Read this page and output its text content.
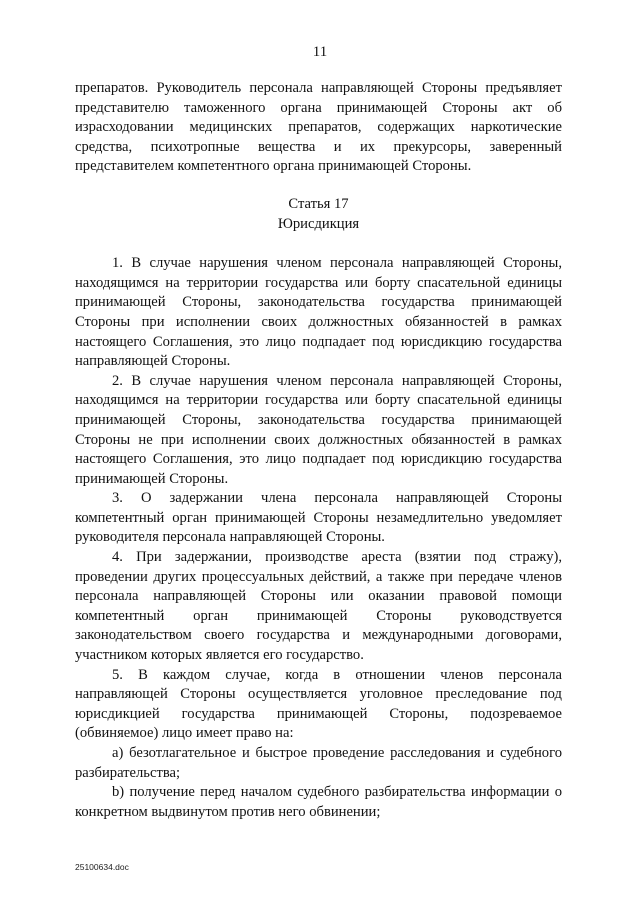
11

препаратов. Руководитель персонала направляющей Стороны предъявляет представителю таможенного органа принимающей Стороны акт об израсходовании медицинских препаратов, содержащих наркотические средства, психотропные вещества и их прекурсоры, заверенный представителем компетентного органа принимающей Стороны.

Статья 17
Юрисдикция

1. В случае нарушения членом персонала направляющей Стороны, находящимся на территории государства или борту спасательной единицы принимающей Стороны, законодательства государства принимающей Стороны при исполнении своих должностных обязанностей в рамках настоящего Соглашения, это лицо подпадает под юрисдикцию государства направляющей Стороны.

2. В случае нарушения членом персонала направляющей Стороны, находящимся на территории государства или борту спасательной единицы принимающей Стороны, законодательства государства принимающей Стороны не при исполнении своих должностных обязанностей в рамках настоящего Соглашения, это лицо подпадает под юрисдикцию государства принимающей Стороны.

3. О задержании члена персонала направляющей Стороны компетентный орган принимающей Стороны незамедлительно уведомляет руководителя персонала направляющей Стороны.

4. При задержании, производстве ареста (взятии под стражу), проведении других процессуальных действий, а также при передаче членов персонала направляющей Стороны или оказании правовой помощи компетентный орган принимающей Стороны руководствуется законодательством своего государства и международными договорами, участником которых является его государство.

5. В каждом случае, когда в отношении членов персонала направляющей Стороны осуществляется уголовное преследование под юрисдикцией государства принимающей Стороны, подозреваемое (обвиняемое) лицо имеет право на:

a) безотлагательное и быстрое проведение расследования и судебного разбирательства;

b) получение перед началом судебного разбирательства информации о конкретном выдвинутом против него обвинении;

25100634.doc
